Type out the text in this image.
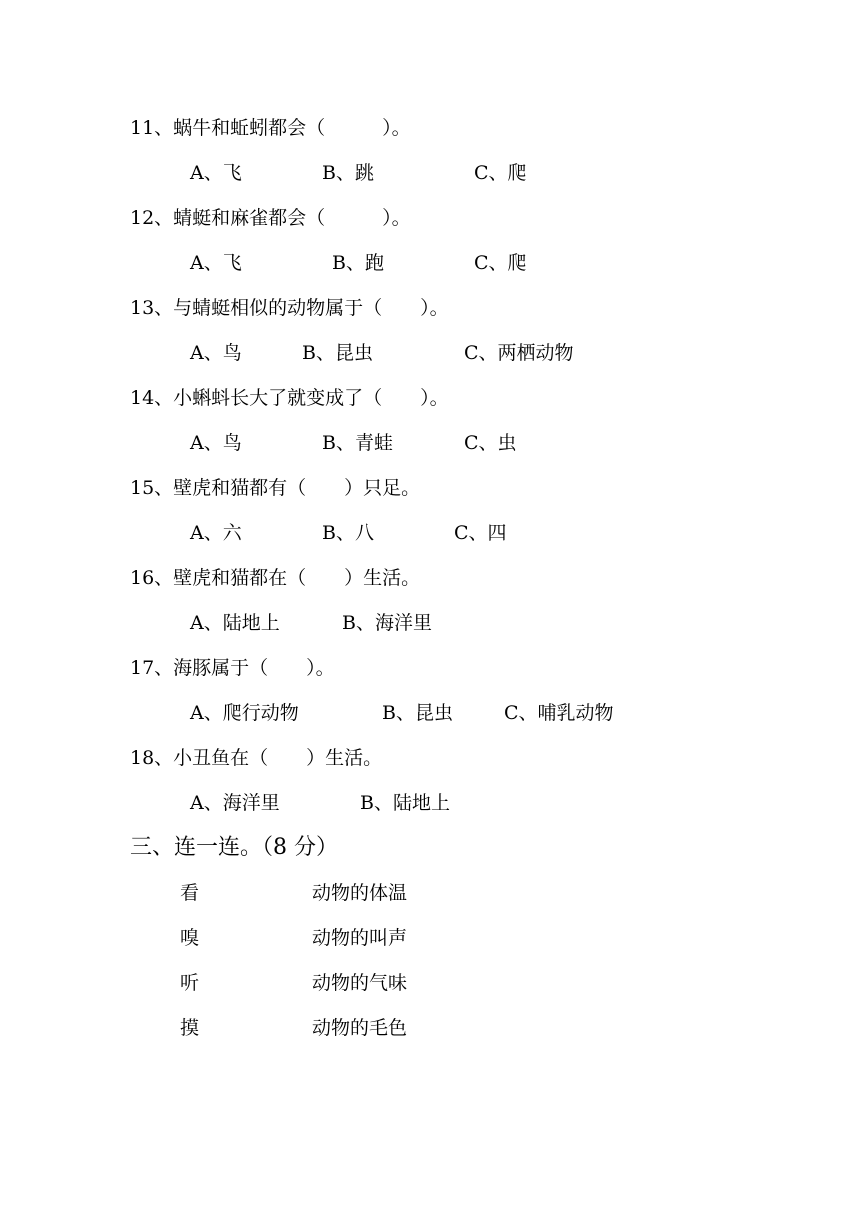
11、蜗牛和蚯蚓都会（　　　）。
A、飞	B、跳	C、爬
12、蜻蜓和麻雀都会（　　　）。
A、飞	B、跑	C、爬
13、与蜻蜓相似的动物属于（　　）。
A、鸟	B、昆虫	C、两栖动物
14、小蝌蚪长大了就变成了（　　）。
A、鸟	B、青蛙	C、虫
15、壁虎和猫都有（　　）只足。
A、六	B、八	C、四
16、壁虎和猫都在（　　）生活。
A、陆地上	B、海洋里
17、海豚属于（　　）。
A、爬行动物	B、昆虫	C、哺乳动物
18、小丑鱼在（　　）生活。
A、海洋里	B、陆地上
三、连一连。（8 分）
看	动物的体温
嗅	动物的叫声
听	动物的气味
摸	动物的毛色
